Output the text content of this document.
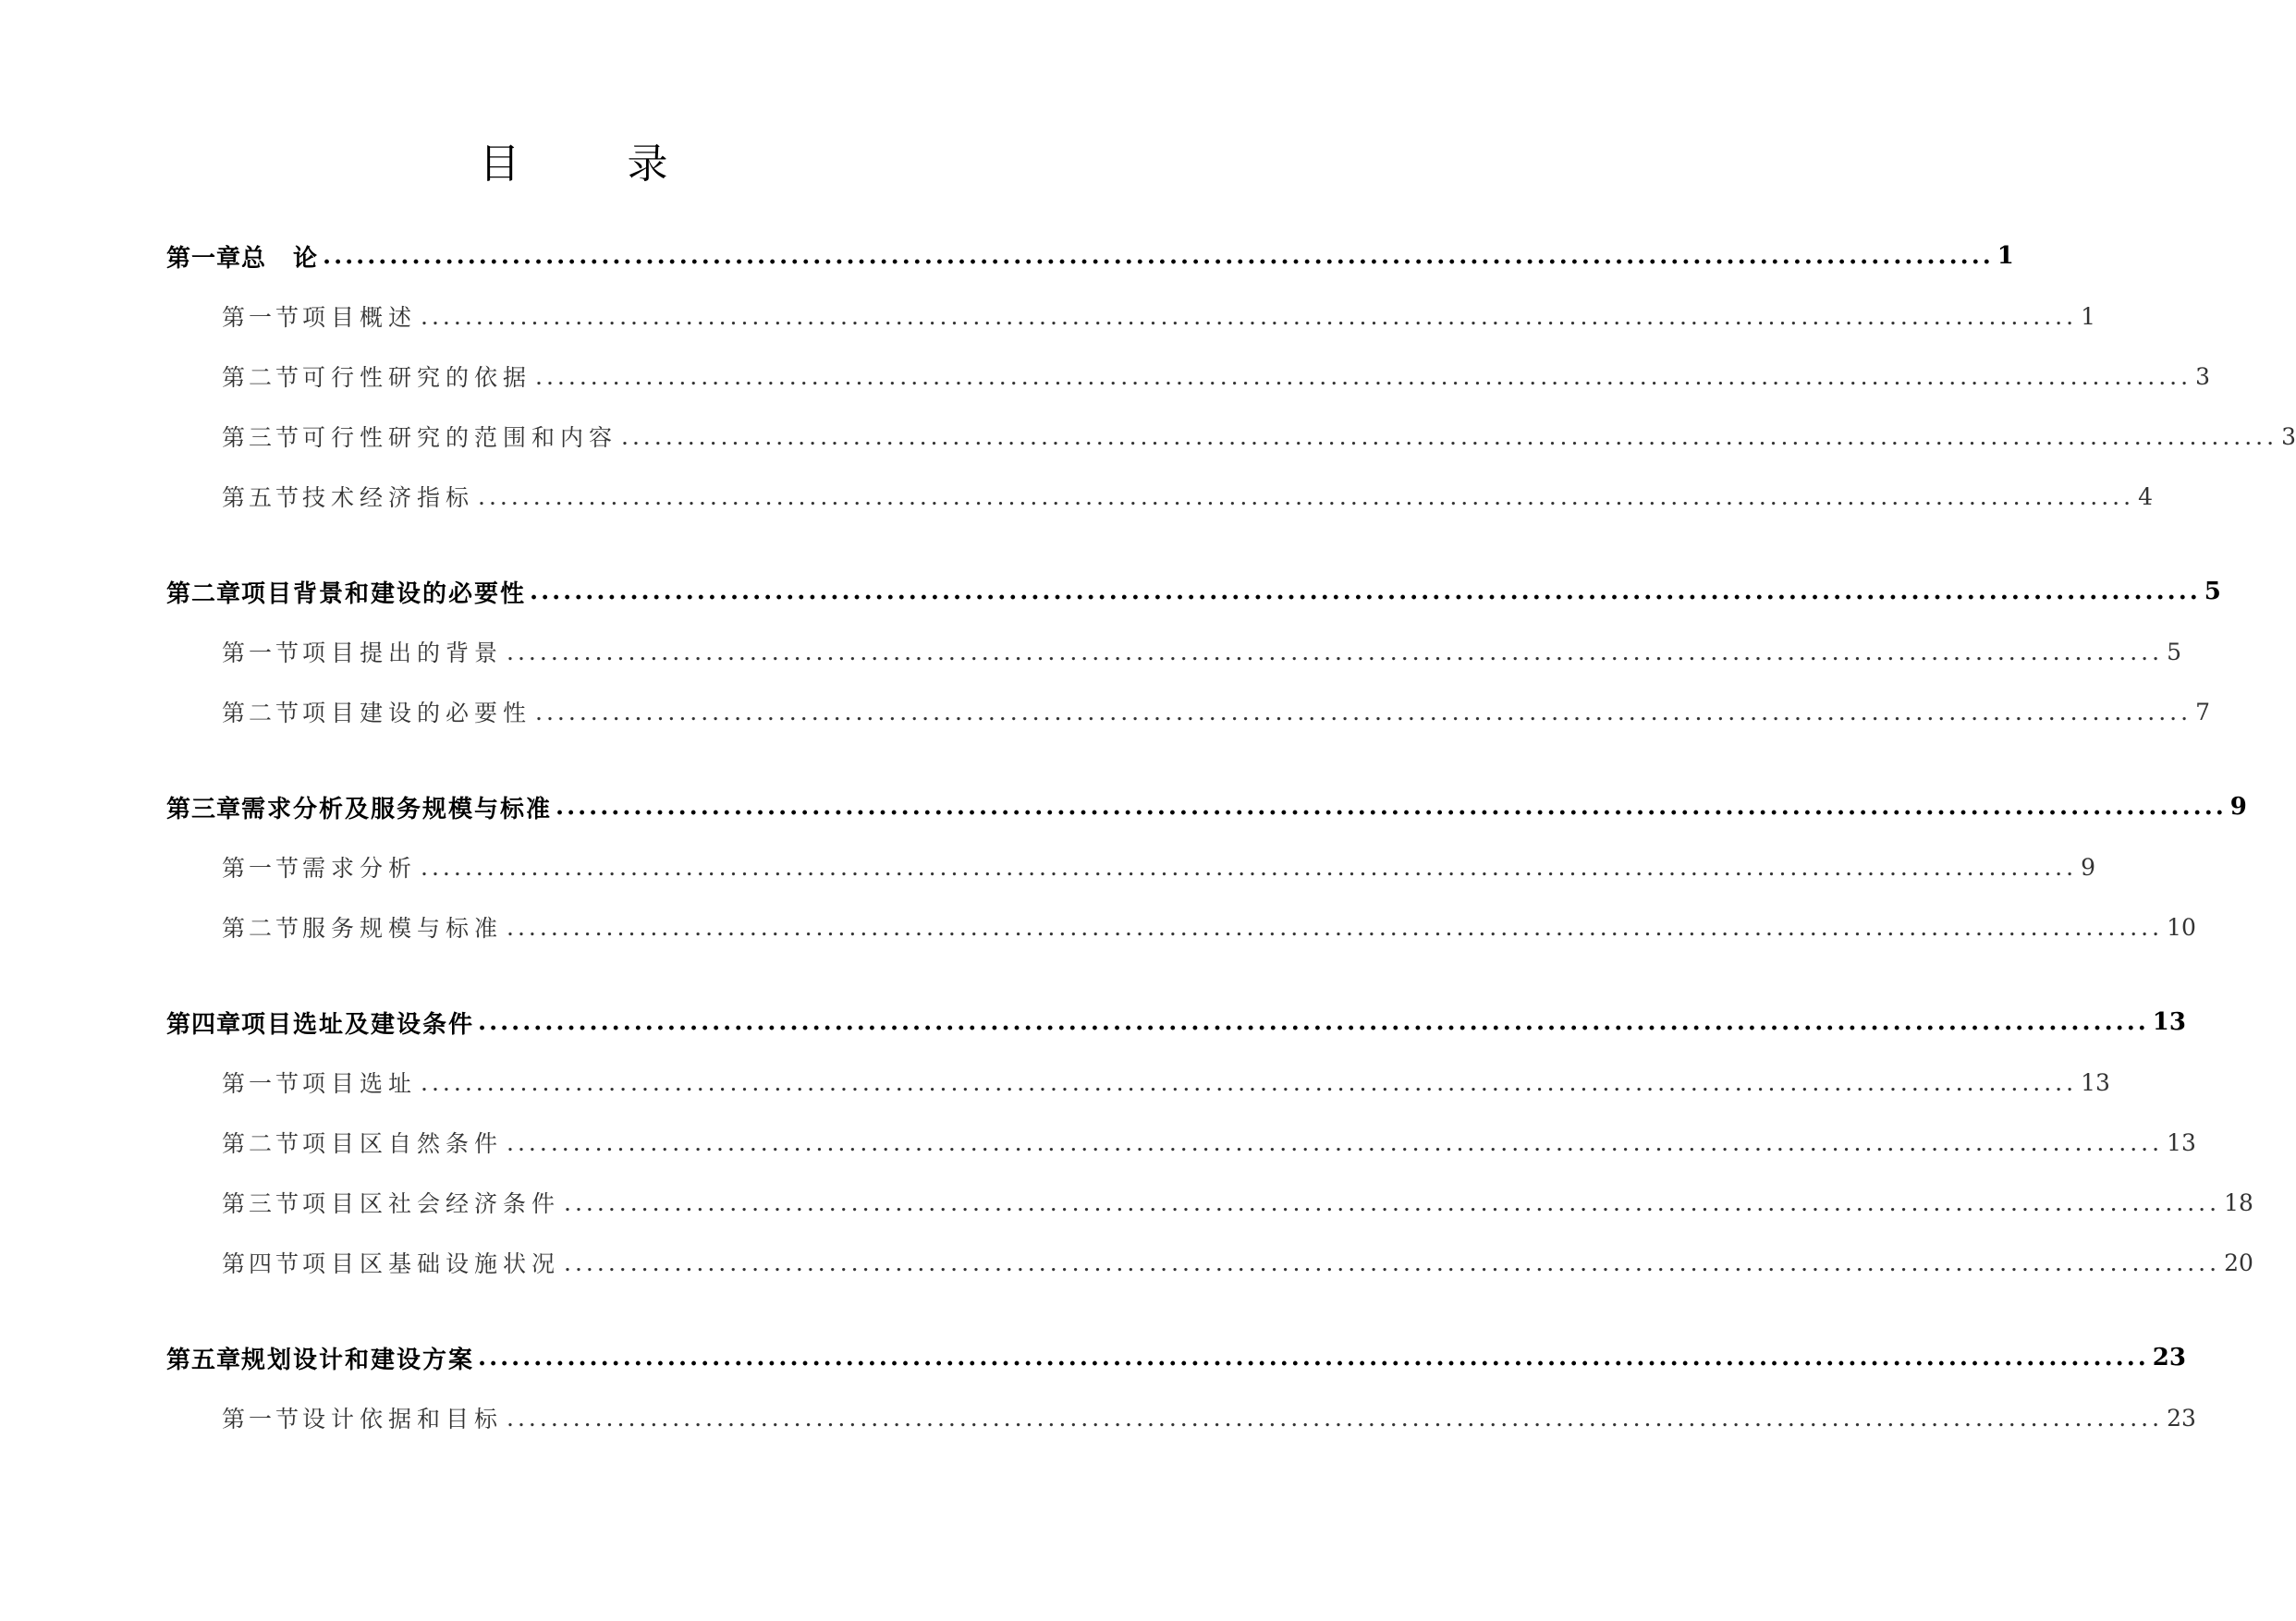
目　录
第一章 总　论 ...................................................................................................................................................... 1
第一节 项目概述 ...................................................................................................................................................... 1
第二节 可行性研究的依据 ...................................................................................................................................................... 3
第三节 可行性研究的范围和内容 ...................................................................................................................................................... 3
第五节 技术经济指标 ...................................................................................................................................................... 4
第二章 项目背景和建设的必要性 ...................................................................................................................................................... 5
第一节 项目提出的背景 ...................................................................................................................................................... 5
第二节 项目建设的必要性 ...................................................................................................................................................... 7
第三章 需求分析及服务规模与标准 ...................................................................................................................................................... 9
第一节 需求分析 ...................................................................................................................................................... 9
第二节 服务规模与标准 ...................................................................................................................................................... 10
第四章 项目选址及建设条件 ...................................................................................................................................................... 13
第一节 项目选址 ...................................................................................................................................................... 13
第二节 项目区自然条件 ...................................................................................................................................................... 13
第三节 项目区社会经济条件 ...................................................................................................................................................... 18
第四节 项目区基础设施状况 ...................................................................................................................................................... 20
第五章 规划设计和建设方案 ...................................................................................................................................................... 23
第一节 设计依据和目标 ...................................................................................................................................................... 23
